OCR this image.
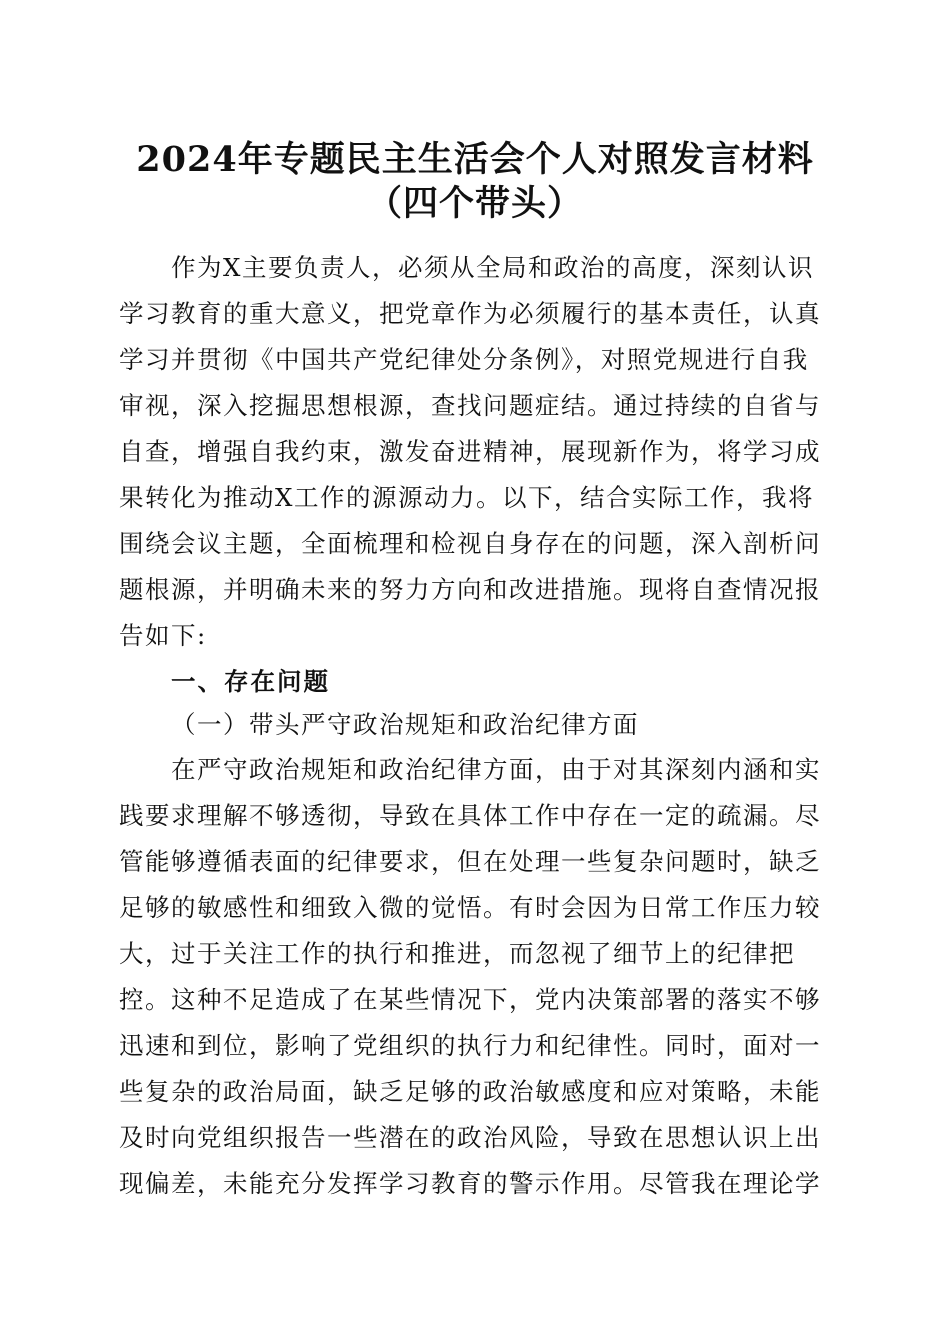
2024年专题民主生活会个人对照发言材料
（四个带头）
作为X主要负责人，必须从全局和政治的高度，深刻认识
学习教育的重大意义，把党章作为必须履行的基本责任，认真
学习并贯彻《中国共产党纪律处分条例》，对照党规进行自我
审视，深入挖掘思想根源，查找问题症结。通过持续的自省与
自查，增强自我约束，激发奋进精神，展现新作为，将学习成
果转化为推动X工作的源源动力。以下，结合实际工作，我将
围绕会议主题，全面梳理和检视自身存在的问题，深入剖析问
题根源，并明确未来的努力方向和改进措施。现将自查情况报
告如下:
一、存在问题
（一）带头严守政治规矩和政治纪律方面
在严守政治规矩和政治纪律方面，由于对其深刻内涵和实
践要求理解不够透彻，导致在具体工作中存在一定的疏漏。尽
管能够遵循表面的纪律要求，但在处理一些复杂问题时，缺乏
足够的敏感性和细致入微的觉悟。有时会因为日常工作压力较
大，过于关注工作的执行和推进，而忽视了细节上的纪律把
控。这种不足造成了在某些情况下，党内决策部署的落实不够
迅速和到位，影响了党组织的执行力和纪律性。同时，面对一
些复杂的政治局面，缺乏足够的政治敏感度和应对策略，未能
及时向党组织报告一些潜在的政治风险，导致在思想认识上出
现偏差，未能充分发挥学习教育的警示作用。尽管我在理论学
